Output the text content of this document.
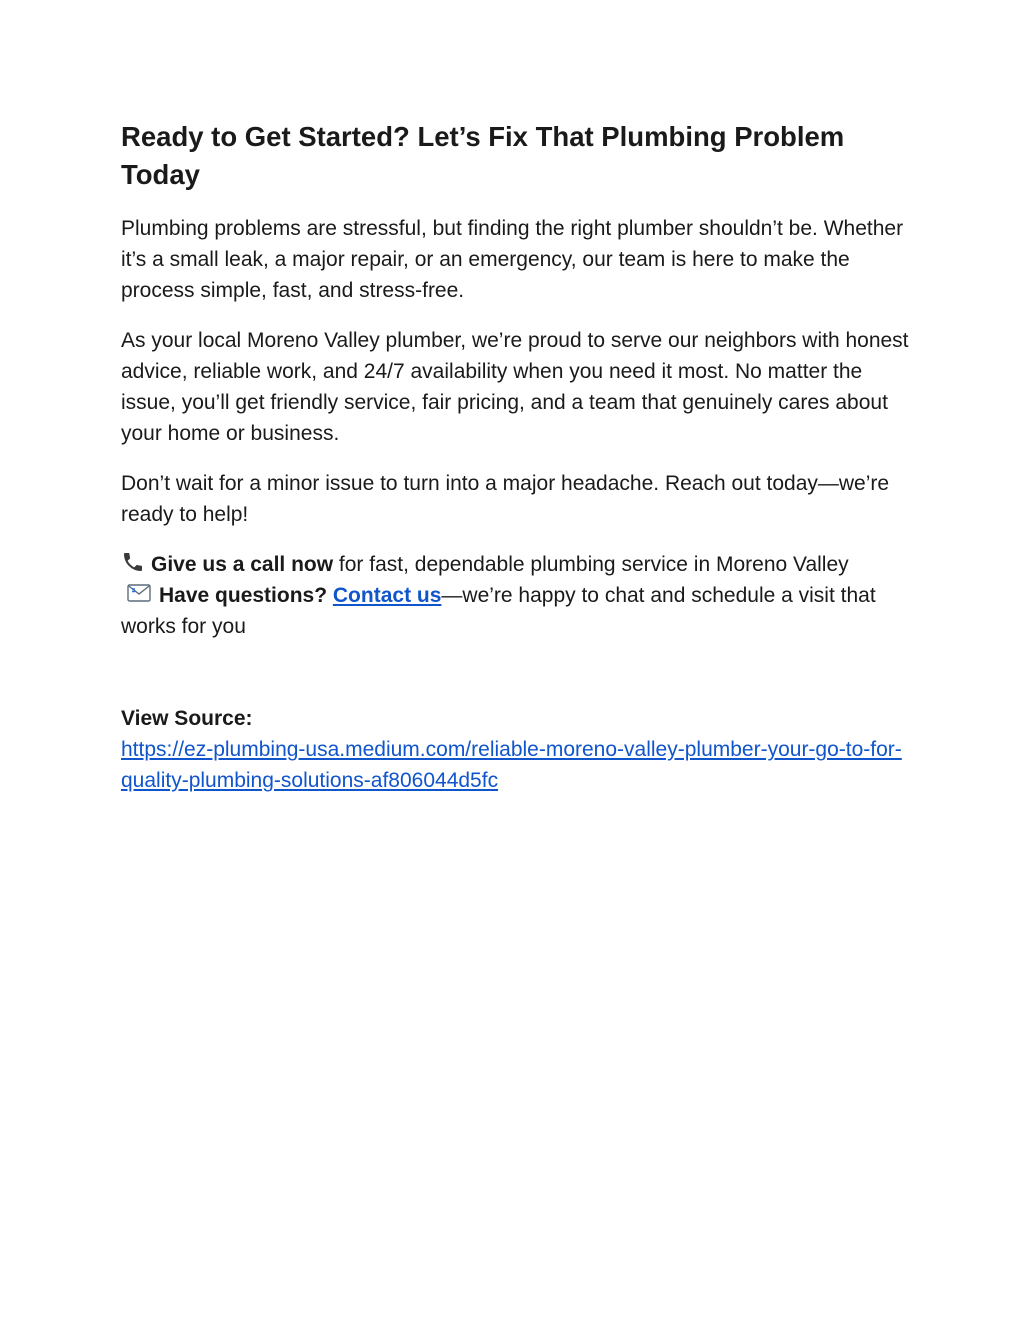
Ready to Get Started? Let’s Fix That Plumbing Problem Today

Plumbing problems are stressful, but finding the right plumber shouldn’t be. Whether it’s a small leak, a major repair, or an emergency, our team is here to make the process simple, fast, and stress-free.

As your local Moreno Valley plumber, we’re proud to serve our neighbors with honest advice, reliable work, and 24/7 availability when you need it most. No matter the issue, you’ll get friendly service, fair pricing, and a team that genuinely cares about your home or business.

Don’t wait for a minor issue to turn into a major headache. Reach out today—we’re ready to help!

Give us a call now for fast, dependable plumbing service in Moreno Valley

Have questions? Contact us—we’re happy to chat and schedule a visit that works for you

View Source:

https://ez-plumbing-usa.medium.com/reliable-moreno-valley-plumber-your-go-to-for-quality-plumbing-solutions-af806044d5fc
